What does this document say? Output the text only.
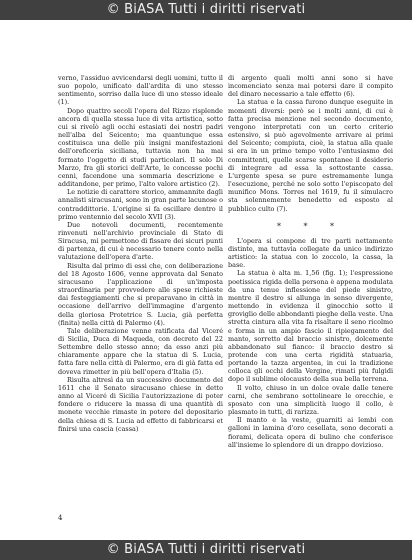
© BiASA Tutti i diritti riservati

verno, l'assiduo avvicendarsi degli uomini, tutto il suo popolo, unificato dall'ardita di uno stesso sentimento, sorriso dalla luce di uno stesso ideale (1).

Dopo quattro secoli l'opera del Rizzo risplende ancora di quella stessa luce di vita artistica, sotto cui si rivelò agli occhi estasiati dei nostri padri nell'alba del Seicento; ma quantunque essa costituisca una delle più insigni manifestazioni dell'oreficeria siciliana, tuttavia non ha mai formato l'oggetto di studi particolari. Il solo Di Marzo, fra gli storici dell'Arte, le concesse pochi cenni, facendone una sommaria descrizione e additandone, per primo, l'alto valore artistico (2).

Le notizie di carattere storico, ammannite dagli annalisti siracusani, sono in gran parte lacunose o contraddittorie. L'origine si fa oscillare dentro il primo ventennio del secolo XVII (3).

Due notevoli documenti, recentemente rinvenuti nell'archivio provinciale di Stato di Siracusa, mi permettono di fissare dei sicuri punti di partenza, di cui è necessario tenere conto nella valutazione dell'opera d'arte.

Risulta dal primo di essi che, con deliberazione del 18 Agosto 1606, venne approvata dal Senato siracusano l'applicazione di un'imposta straordinaria per provvedere alle spese richieste dai festeggiamenti che si preparavano in città in occasione dell'arrivo dell'immagine d'argento della gloriosa Protetrice S. Lucia, già perfetta (finita) nella città di Palermo (4).

Tale deliberazione venne ratificata dal Viceré di Sicilia, Duca di Maqueda, con decreto del 22 Settembre dello stesso anno; da esso anzi più chiaramente appare che la statua di S. Lucia, fatta fare nella città di Palermo, era di già fatta ed doveva rimetter in più bell'opera d'Italia (5).

Risulta altresì da un successivo documento del 1611 che il Senato siracusano chiese in detto anno al Viceré di Sicilia l'autorizzazione di poter fondere o riducere la massa di una quantità di monete vecchie rimaste in potere del depositario della chiesa di S. Lucia ad effetto di fabbricarsi et finirsi una cascia (cassa)

di argento quali molti anni sono si have incomenciato senza mai potersi dare il compito del dinaro necessario a tale effetto (6).

La statua e la cassa furono dunque eseguite in momenti diversi: però se i molti anni, di cui è fatta precisa menzione nel secondo documento, vengono interpretati con un certo criterio estensivo, si può agevolmente arrivare ai primi del Seicento; compiuta, cioè, la statua alla quale si era in un primo tempo volto l'entusiasmo dei committenti, quelle scarse spontanee il desiderio di integrare ad essa la sottostante cassa. L'urgente spesa se pure estremamente lunga l'esecuzione, perché ne solo sotto l'episcopato del munifico Mons. Torres nel 1619, fu il simulacro sta solennemente benedetto ed esposto al pubblico culto (7).

* * *

L'opera si compone di tre parti nettamente distinte, ma tuttavia collegate da unico indirizzo artistico: la statua con lo zoccolo, la cassa, la base.

La statua è alta m. 1,56 (fig. 1); l'espressione poetissica rigida della persona è appena modulata da una tenue inflessione del piede sinistro, mentre il destro si allunga in senso divergente, mettendo in evidenza il ginocchio sotto il groviglio delle abbondanti pieghe della veste. Una stretta cintura alla vita fa risaltare il seno ricolmo e forma in un ampio fascio il ripiegamento del manto, sorretto dal braccio sinistro, dolcemente abbandonato sul fianco: il braccio destro si protende con una certa rigidità statuaria, portando la tazza argentea, in cui la tradizione colloca gli occhi della Vergine, rimati più fulgidi dopo il sublime olocausto della sua bella terrena.

Il volto, chiuso in un dolce ovale dalle tenere carni, che sembrano sottolineare le orecchie, e sposato con una simplicità luogo il collo, è plasmato in tutti, di rarizza.

Il manto e la veste, guarniti ai lembi con galloni in lamina d'oro cesellata, sono decorati a fiorami, delicata opera di bulino che conferisce all'insieme lo splendore di un drappo dovizioso.

4
© BiASA Tutti i diritti riservati
